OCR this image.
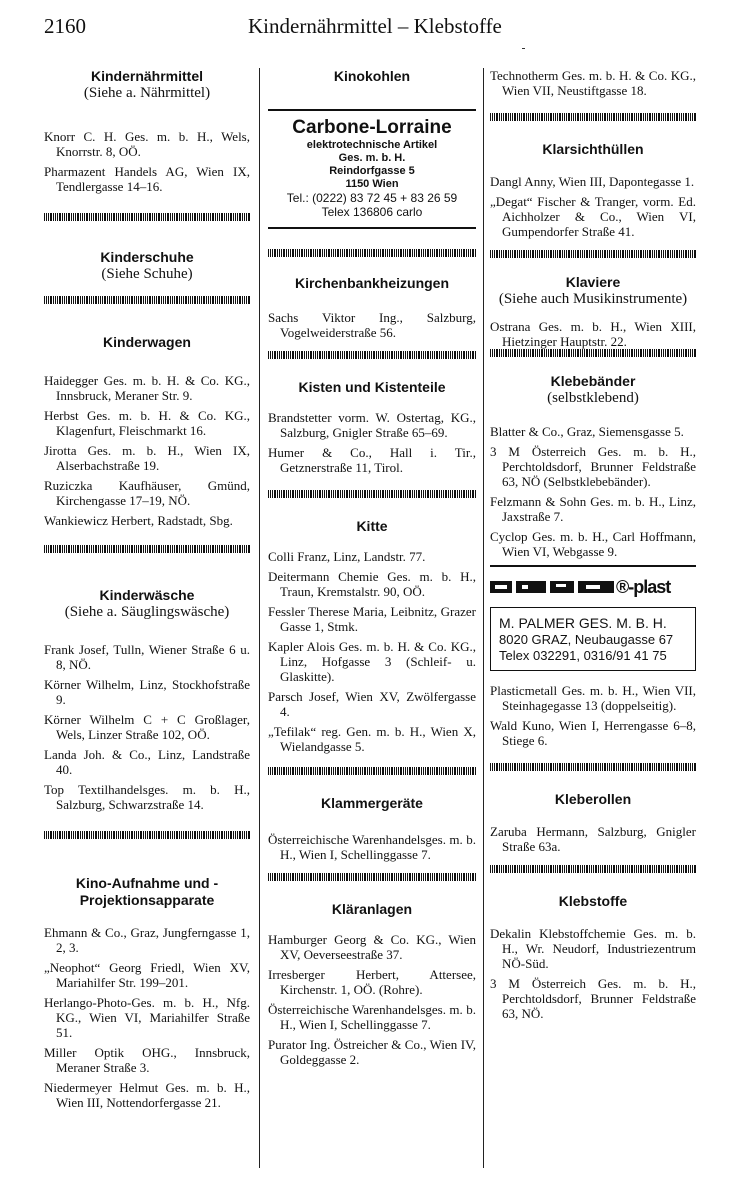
2160	Kindernährmittel – Klebstoffe

Kindernährmittel

(Siehe a. Nährmittel)

Knorr C. H. Ges. m. b. H., Wels, Knorrstr. 8, OÖ.

Pharmazent Handels AG, Wien IX, Tendlergasse 14–16.

Kinderschuhe

(Siehe Schuhe)

Kinderwagen

Haidegger Ges. m. b. H. & Co. KG., Innsbruck, Meraner Str. 9.

Herbst Ges. m. b. H. & Co. KG., Klagenfurt, Fleischmarkt 16.

Jirotta Ges. m. b. H., Wien IX, Alserbachstraße 19.

Ruziczka Kaufhäuser, Gmünd, Kirchengasse 17–19, NÖ.

Wankiewicz Herbert, Radstadt, Sbg.

Kinderwäsche

(Siehe a. Säuglingswäsche)

Frank Josef, Tulln, Wiener Straße 6 u. 8, NÖ.

Körner Wilhelm, Linz, Stockhofstraße 9.

Körner Wilhelm C + C Großlager, Wels, Linzer Straße 102, OÖ.

Landa Joh. & Co., Linz, Landstraße 40.

Top Textilhandelsges. m. b. H., Salzburg, Schwarzstraße 14.

Kino-Aufnahme und -Projektionsapparate

Ehmann & Co., Graz, Jungferngasse 1, 2, 3.

„Neophot“ Georg Friedl, Wien XV, Mariahilfer Str. 199–201.

Herlango-Photo-Ges. m. b. H., Nfg. KG., Wien VI, Mariahilfer Straße 51.

Miller Optik OHG., Innsbruck, Meraner Straße 3.

Niedermeyer Helmut Ges. m. b. H., Wien III, Nottendorfergasse 21.

Kinokohlen

Carbone-Lorraine
elektrotechnische Artikel
Ges. m. b. H.
Reindorfgasse 5
1150 Wien
Tel.: (0222) 83 72 45 + 83 26 59
Telex 136806 carlo

Kirchenbankheizungen

Sachs Viktor Ing., Salzburg, Vogelweiderstraße 56.

Kisten und Kistenteile

Brandstetter vorm. W. Ostertag, KG., Salzburg, Gnigler Straße 65–69.

Humer & Co., Hall i. Tir., Getznerstraße 11, Tirol.

Kitte

Colli Franz, Linz, Landstr. 77.

Deitermann Chemie Ges. m. b. H., Traun, Kremstalstr. 90, OÖ.

Fessler Therese Maria, Leibnitz, Grazer Gasse 1, Stmk.

Kapler Alois Ges. m. b. H. & Co. KG., Linz, Hofgasse 3 (Schleif- u. Glaskitte).

Parsch Josef, Wien XV, Zwölfergasse 4.

„Tefilak“ reg. Gen. m. b. H., Wien X, Wielandgasse 5.

Klammergeräte

Österreichische Warenhandelsges. m. b. H., Wien I, Schellinggasse 7.

Kläranlagen

Hamburger Georg & Co. KG., Wien XV, Oeverseestraße 37.

Irresberger Herbert, Attersee, Kirchenstr. 1, OÖ. (Rohre).

Österreichische Warenhandelsges. m. b. H., Wien I, Schellinggasse 7.

Purator Ing. Östreicher & Co., Wien IV, Goldeggasse 2.

Technotherm Ges. m. b. H. & Co. KG., Wien VII, Neustiftgasse 18.

Klarsichthüllen

Dangl Anny, Wien III, Dapontegasse 1.

„Degat“ Fischer & Tranger, vorm. Ed. Aichholzer & Co., Wien VI, Gumpendorfer Straße 41.

Klaviere

(Siehe auch Musikinstrumente)

Ostrana Ges. m. b. H., Wien XIII, Hietzinger Hauptstr. 22.

Klebebänder

(selbstklebend)

Blatter & Co., Graz, Siemensgasse 5.

3 M Österreich Ges. m. b. H., Perchtoldsdorf, Brunner Feldstraße 63, NÖ (Selbstklebebänder).

Felzmann & Sohn Ges. m. b. H., Linz, Jaxstraße 7.

Cyclop Ges. m. b. H., Carl Hoffmann, Wien VI, Webgasse 9.

®-plast
M. PALMER GES. M. B. H.
8020 GRAZ, Neubaugasse 67
Telex 032291, 0316/91 41 75

Plasticmetall Ges. m. b. H., Wien VII, Steinhagegasse 13 (doppelseitig).

Wald Kuno, Wien I, Herrengasse 6–8, Stiege 6.

Kleberollen

Zaruba Hermann, Salzburg, Gnigler Straße 63a.

Klebstoffe

Dekalin Klebstoffchemie Ges. m. b. H., Wr. Neudorf, Industriezentrum NÖ-Süd.

3 M Österreich Ges. m. b. H., Perchtoldsdorf, Brunner Feldstraße 63, NÖ.
